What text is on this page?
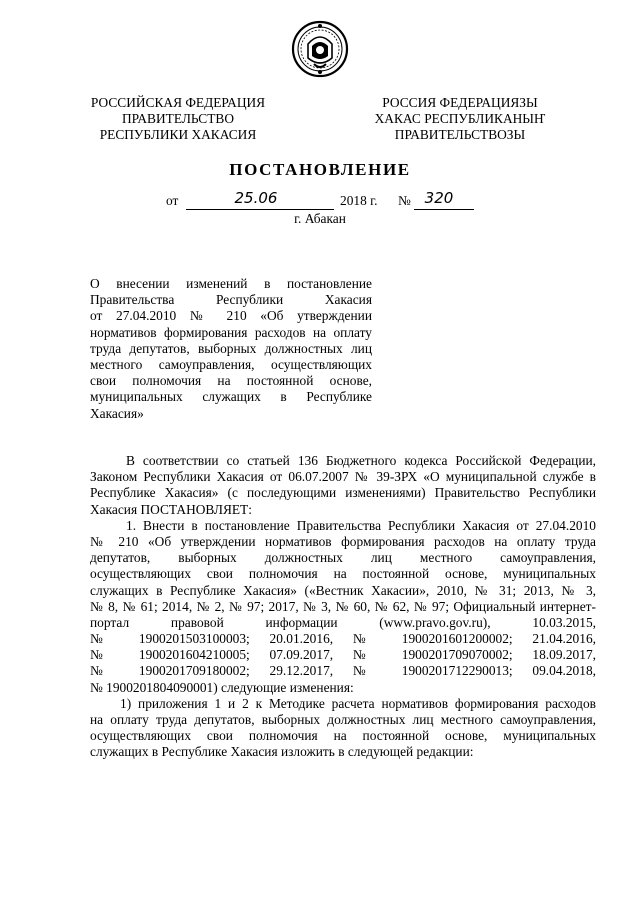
РОССИЙСКАЯ ФЕДЕРАЦИЯ
ПРАВИТЕЛЬСТВО
РЕСПУБЛИКИ ХАКАСИЯ
РОССИЯ ФЕДЕРАЦИЯЗЫ
ХАКАС РЕСПУБЛИКАНЫҤ
ПРАВИТЕЛЬСТВОЗЫ
ПОСТАНОВЛЕНИЕ
от	25.06	2018 г. № 320
г. Абакан
О внесении изменений в постановление
Правительства Республики Хакасия
от 27.04.2010 № 210 «Об утверждении
нормативов формирования расходов на оплату
труда депутатов, выборных должностных лиц
местного самоуправления, осуществляющих
свои полномочия на постоянной основе,
муниципальных служащих в Республике
Хакасия»
В соответствии со статьей 136 Бюджетного кодекса Российской Федерации,
Законом Республики Хакасия от 06.07.2007 № 39-ЗРХ «О муниципальной службе в
Республике Хакасия» (с последующими изменениями) Правительство Республики
Хакасия ПОСТАНОВЛЯЕТ:
1. Внести в постановление Правительства Республики Хакасия от 27.04.2010
№ 210 «Об утверждении нормативов формирования расходов на оплату труда
депутатов, выборных должностных лиц местного самоуправления,
осуществляющих свои полномочия на постоянной основе, муниципальных
служащих в Республике Хакасия» («Вестник Хакасии», 2010, № 31; 2013, № 3,
№ 8, № 61; 2014, № 2, № 97; 2017, № 3, № 60, № 62, № 97; Официальный интернет-
портал правовой информации (www.pravo.gov.ru), 10.03.2015,
№ 1900201503100003; 20.01.2016, № 1900201601200002; 21.04.2016,
№ 1900201604210005; 07.09.2017, № 1900201709070002; 18.09.2017,
№ 1900201709180002; 29.12.2017, № 1900201712290013; 09.04.2018,
№ 1900201804090001) следующие изменения:
1) приложения 1 и 2 к Методике расчета нормативов формирования расходов
на оплату труда депутатов, выборных должностных лиц местного самоуправления,
осуществляющих свои полномочия на постоянной основе, муниципальных
служащих в Республике Хакасия изложить в следующей редакции:
